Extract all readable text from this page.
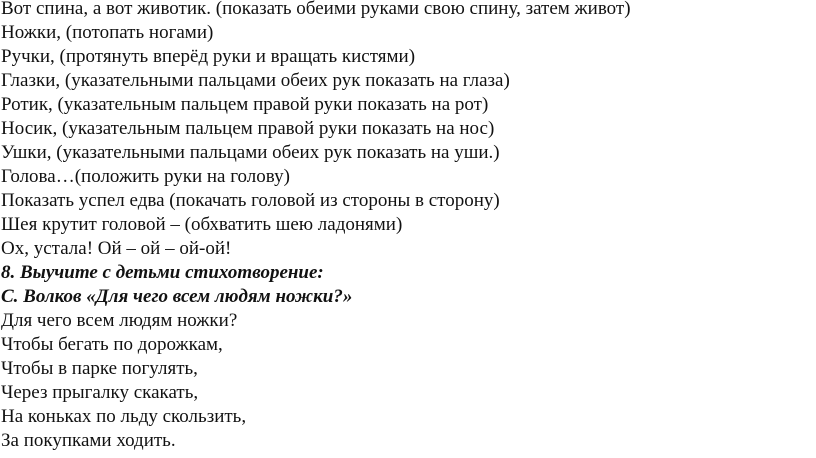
Вот спина, а вот животик. (показать обеими руками свою спину, затем живот)
Ножки, (потопать ногами)
Ручки, (протянуть вперёд руки и вращать кистями)
Глазки, (указательными пальцами обеих рук показать на глаза)
Ротик, (указательным пальцем правой руки показать на рот)
Носик, (указательным пальцем правой руки показать на нос)
Ушки, (указательными пальцами обеих рук показать на уши.)
Голова…(положить руки на голову)
Показать успел едва (покачать головой из стороны в сторону)
Шея крутит головой – (обхватить шею ладонями)
Ох, устала! Ой – ой – ой-ой!
8. Выучите с детьми стихотворение:
С. Волков «Для чего всем людям ножки?»
Для чего всем людям ножки?
Чтобы бегать по дорожкам,
Чтобы в парке погулять,
Через прыгалку скакать,
На коньках по льду скользить,
За покупками ходить.
